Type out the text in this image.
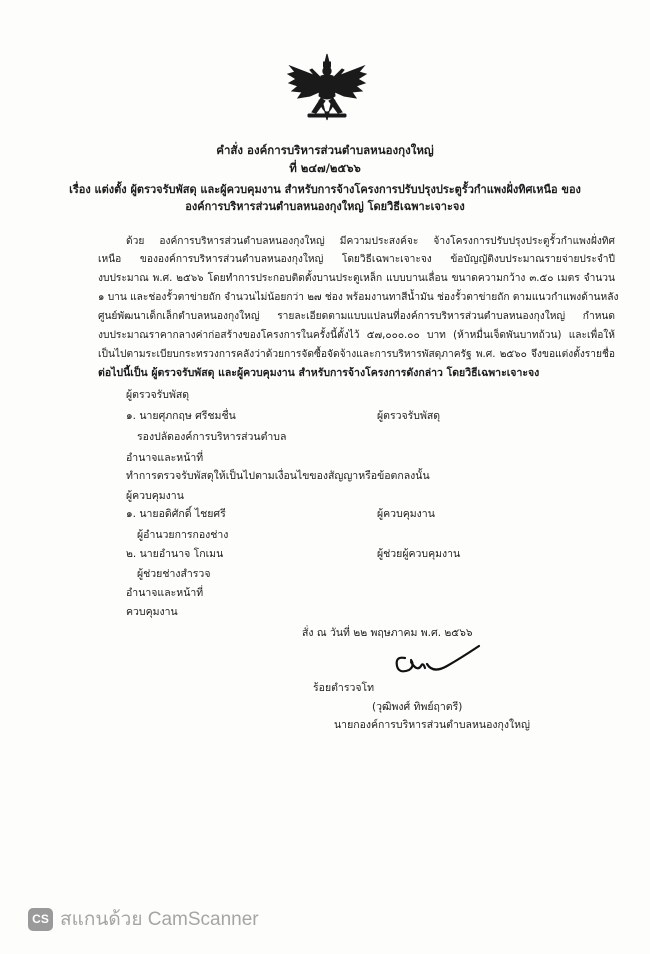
คำสั่ง องค์การบริหารส่วนตำบลหนองกุงใหญ่
ที่ ๒๔๗/๒๕๖๖
เรื่อง แต่งตั้ง ผู้ตรวจรับพัสดุ และผู้ควบคุมงาน สำหรับการจ้างโครงการปรับปรุงประตูรั้วกำแพงฝั่งทิศเหนือ ของ
องค์การบริหารส่วนตำบลหนองกุงใหญ่ โดยวิธีเฉพาะเจาะจง
ด้วย องค์การบริหารส่วนตำบลหนองกุงใหญ่ มีความประสงค์จะ จ้างโครงการปรับปรุงประตูรั้วกำแพงฝั่งทิศ
เหนือ ขององค์การบริหารส่วนตำบลหนองกุงใหญ่ โดยวิธีเฉพาะเจาะจง ข้อบัญญัติงบประมาณรายจ่ายประจำปี
งบประมาณ พ.ศ. ๒๕๖๖ โดยทำการประกอบติดตั้งบานประตูเหล็ก แบบบานเลื่อน ขนาดความกว้าง ๓.๕๐ เมตร จำนวน
๑ บาน และช่องรั้วตาข่ายถัก จำนวนไม่น้อยกว่า ๒๗ ช่อง พร้อมงานทาสีน้ำมัน ช่องรั้วตาข่ายถัก ตามแนวกำแพงด้านหลัง
ศูนย์พัฒนาเด็กเล็กตำบลหนองกุงใหญ่ รายละเอียดตามแบบแปลนที่องค์การบริหารส่วนตำบลหนองกุงใหญ่ กำหนด
งบประมาณราคากลางค่าก่อสร้างของโครงการในครั้งนี้ตั้งไว้ ๕๗,๐๐๐.๐๐ บาท (ห้าหมื่นเจ็ดพันบาทถ้วน) และเพื่อให้
เป็นไปตามระเบียบกระทรวงการคลังว่าด้วยการจัดซื้อจัดจ้างและการบริหารพัสดุภาครัฐ พ.ศ. ๒๕๖๐ จึงขอแต่งตั้งรายชื่อ
ต่อไปนี้เป็น ผู้ตรวจรับพัสดุ และผู้ควบคุมงาน สำหรับการจ้างโครงการดังกล่าว โดยวิธีเฉพาะเจาะจง
ผู้ตรวจรับพัสดุ
๑. นายศุภกฤษ ศรีชมชื่น	ผู้ตรวจรับพัสดุ
รองปลัดองค์การบริหารส่วนตำบล
อำนาจและหน้าที่
ทำการตรวจรับพัสดุให้เป็นไปตามเงื่อนไขของสัญญาหรือข้อตกลงนั้น
ผู้ควบคุมงาน
๑. นายอดิศักดิ์ ไชยศรี	ผู้ควบคุมงาน
ผู้อำนวยการกองช่าง
๒. นายอำนาจ โกเมน	ผู้ช่วยผู้ควบคุมงาน
ผู้ช่วยช่างสำรวจ
อำนาจและหน้าที่
ควบคุมงาน
สั่ง ณ วันที่ ๒๒ พฤษภาคม พ.ศ. ๒๕๖๖
ร้อยตำรวจโท
(วุฒิพงศ์ ทิพย์ฤาตรี)
นายกองค์การบริหารส่วนตำบลหนองกุงใหญ่
CS สแกนด้วย CamScanner
